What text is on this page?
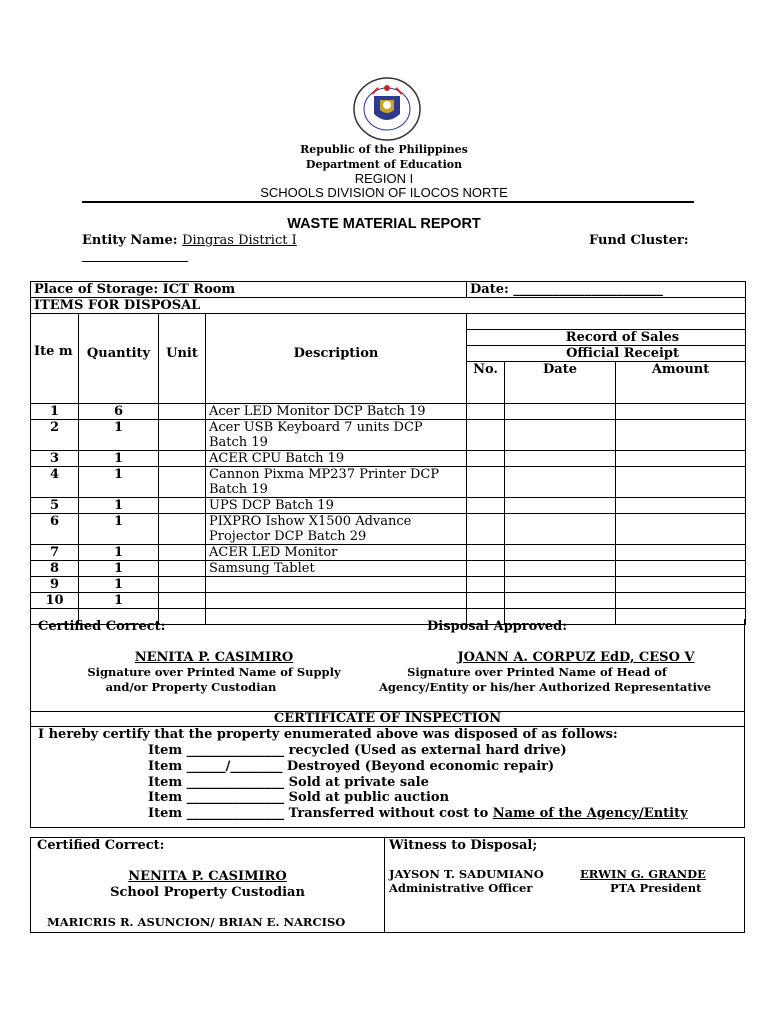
Republic of the Philippines
Department of Education
REGION I
SCHOOLS DIVISION OF ILOCOS NORTE
WASTE MATERIAL REPORT
Entity Name: Dingras District I	Fund Cluster:
Place of Storage: ICT Room				Date: _______________________		
ITEMS FOR DISPOSAL						
Ite m	Quantity	Unit	Description			
				Record of Sales		
				Official Receipt		
				No.	Date	Amount
1	6		Acer LED Monitor DCP Batch 19			
2	1		Acer USB Keyboard 7 units DCP Batch 19			
3	1		ACER CPU Batch 19			
4	1		Cannon Pixma MP237 Printer DCP Batch 19			
5	1		UPS DCP Batch 19			
6	1		PIXPRO Ishow X1500 Advance Projector DCP Batch 29			
7	1		ACER LED Monitor			
8	1		Samsung Tablet			
9	1					
10	1					

Certified Correct:	Disposal Approved:
NENITA P. CASIMIRO
Signature over Printed Name of Supply
and/or Property Custodian
JOANN A. CORPUZ EdD, CESO V
Signature over Printed Name of Head of
Agency/Entity or his/her Authorized Representative
CERTIFICATE OF INSPECTION
I hereby certify that the property enumerated above was disposed of as follows:
Item _______________ recycled (Used as external hard drive)
Item ______/________ Destroyed (Beyond economic repair)
Item _______________ Sold at private sale
Item _______________ Sold at public auction
Item _______________ Transferred without cost to Name of the Agency/Entity
Certified Correct:
NENITA P. CASIMIRO
School Property Custodian
MARICRIS R. ASUNCION/ BRIAN E. NARCISO
Witness to Disposal;
JAYSON T. SADUMIANO
Administrative Officer
ERWIN G. GRANDE
PTA President
